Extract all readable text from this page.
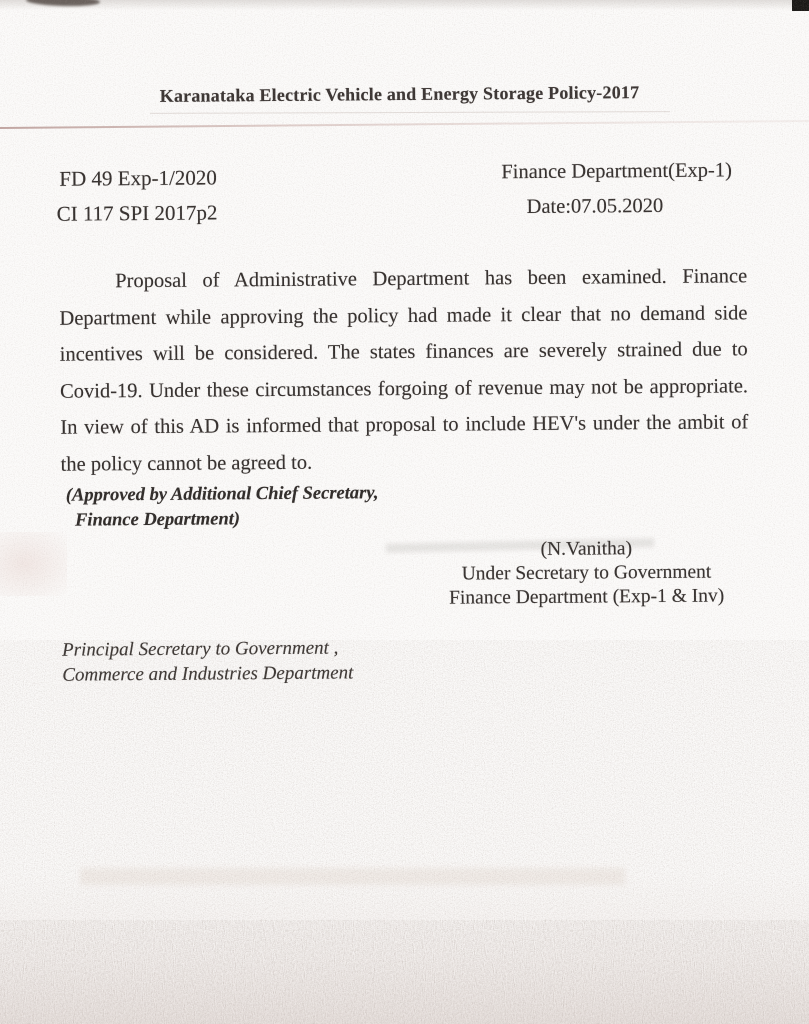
Karanataka Electric Vehicle and Energy Storage Policy-2017
FD 49 Exp-1/2020
CI 117 SPI 2017p2
Finance Department(Exp-1)
Date:07.05.2020
Proposal of Administrative Department has been examined. Finance Department while approving the policy had made it clear that no demand side incentives will be considered. The states finances are severely strained due to Covid-19. Under these circumstances forgoing of revenue may not be appropriate. In view of this AD is informed that proposal to include HEV's under the ambit of the policy cannot be agreed to.
(Approved by Additional Chief Secretary,
Finance Department)
(N.Vanitha)
Under Secretary to Government
Finance Department (Exp-1 & Inv)
Principal Secretary to Government ,
Commerce and Industries Department
